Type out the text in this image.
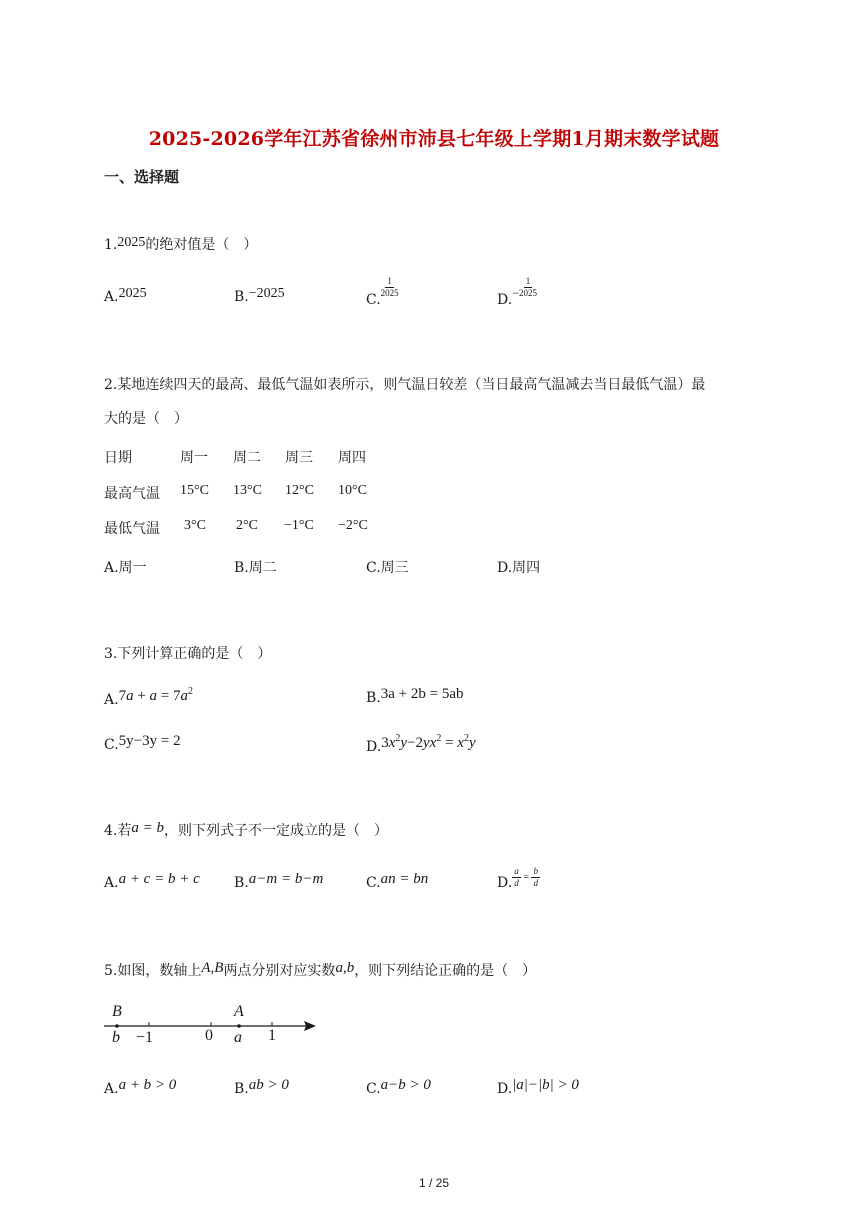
2025-2026学年江苏省徐州市沛县七年级上学期1月期末数学试题
一、选择题
1.2025的绝对值是（　）
A.2025	B.−2025	C.
$\frac{1}{2025}$
$D.- \frac{1}{2025}$
2.某地连续四天的最高、最低气温如表所示，则气温日较差（当日最高气温减去当日最低气温）最
大的是（　）
日期	周一 周二 周三 周四
最高气温 15°C 13°C 12°C 10°C
最低气温 3°C 2°C −1°C −2°C
A.周一	B.周二	C.周三	D.周四
3.下列计算正确的是（　）
$A.7a + a = 7a^2$	B.3a + 2b = 5ab
C.5y−3y = 2	$D.3x^2y-2yx^2 = x^2y$
4.若a = b，则下列式子不一定成立的是（　）
A.a + c = b + c B.a−m = b−m	C.an = bn	D. $\frac{a}{d} = \frac{b}{d}$
5.如图，数轴上A,B两点分别对应实数a,b，则下列结论正确的是（　）
B
b −1	0
A
a 1
A.a + b > 0	B.ab > 0	C.a−b > 0	D.|a|−|b| > 0
1 / 25
